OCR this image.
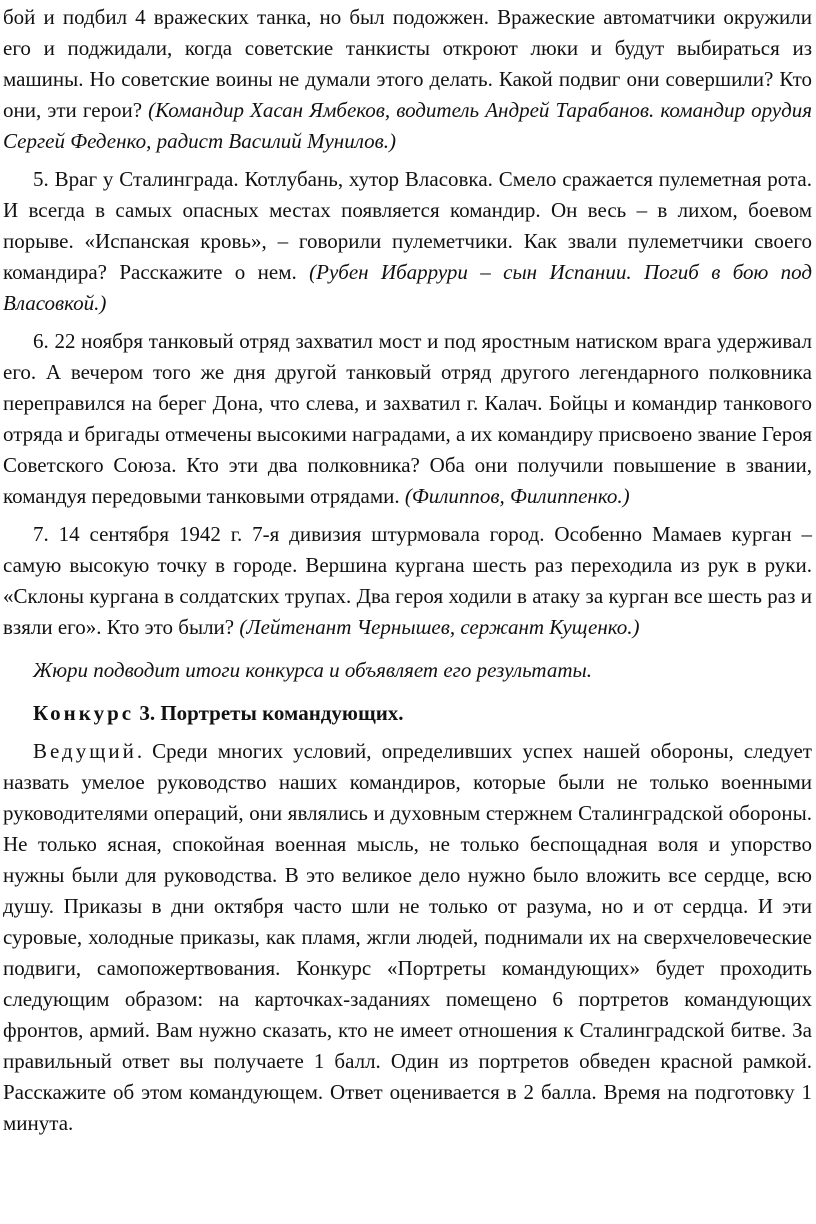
бой и подбил 4 вражеских танка, но был подожжен. Вражеские автоматчики окружили его и поджидали, когда советские танкисты откроют люки и будут выбираться из машины. Но советские воины не думали этого делать. Какой подвиг они совершили? Кто они, эти герои? (Командир Хасан Ямбеков, водитель Андрей Тарабанов. командир орудия Сергей Феденко, радист Василий Мунилов.)

5. Враг у Сталинграда. Котлубань, хутор Власовка. Смело сражается пулеметная рота. И всегда в самых опасных местах появляется командир. Он весь – в лихом, боевом порыве. «Испанская кровь», – говорили пулеметчики. Как звали пулеметчики своего командира? Расскажите о нем. (Рубен Ибаррури – сын Испании. Погиб в бою под Власовкой.)

6. 22 ноября танковый отряд захватил мост и под яростным натиском врага удерживал его. А вечером того же дня другой танковый отряд другого легендарного полковника переправился на берег Дона, что слева, и захватил г. Калач. Бойцы и командир танкового отряда и бригады отмечены высокими наградами, а их командиру присвоено звание Героя Советского Союза. Кто эти два полковника? Оба они получили повышение в звании, командуя передовыми танковыми отрядами. (Филиппов, Филиппенко.)

7. 14 сентября 1942 г. 7-я дивизия штурмовала город. Особенно Мамаев курган – самую высокую точку в городе. Вершина кургана шесть раз переходила из рук в руки. «Склоны кургана в солдатских трупах. Два героя ходили в атаку за курган все шесть раз и взяли его». Кто это были? (Лейтенант Чернышев, сержант Кущенко.)

Жюри подводит итоги конкурса и объявляет его результаты.

Конкурс 3. Портреты командующих.

Ведущий. Среди многих условий, определивших успех нашей обороны, следует назвать умелое руководство наших командиров, которые были не только военными руководителями операций, они являлись и духовным стержнем Сталинградской обороны. Не только ясная, спокойная военная мысль, не только беспощадная воля и упорство нужны были для руководства. В это великое дело нужно было вложить все сердце, всю душу. Приказы в дни октября часто шли не только от разума, но и от сердца. И эти суровые, холодные приказы, как пламя, жгли людей, поднимали их на сверхчеловеческие подвиги, самопожертвования. Конкурс «Портреты командующих» будет проходить следующим образом: на карточках-заданиях помещено 6 портретов командующих фронтов, армий. Вам нужно сказать, кто не имеет отношения к Сталинградской битве. За правильный ответ вы получаете 1 балл. Один из портретов обведен красной рамкой. Расскажите об этом командующем. Ответ оценивается в 2 балла. Время на подготовку 1 минута.
